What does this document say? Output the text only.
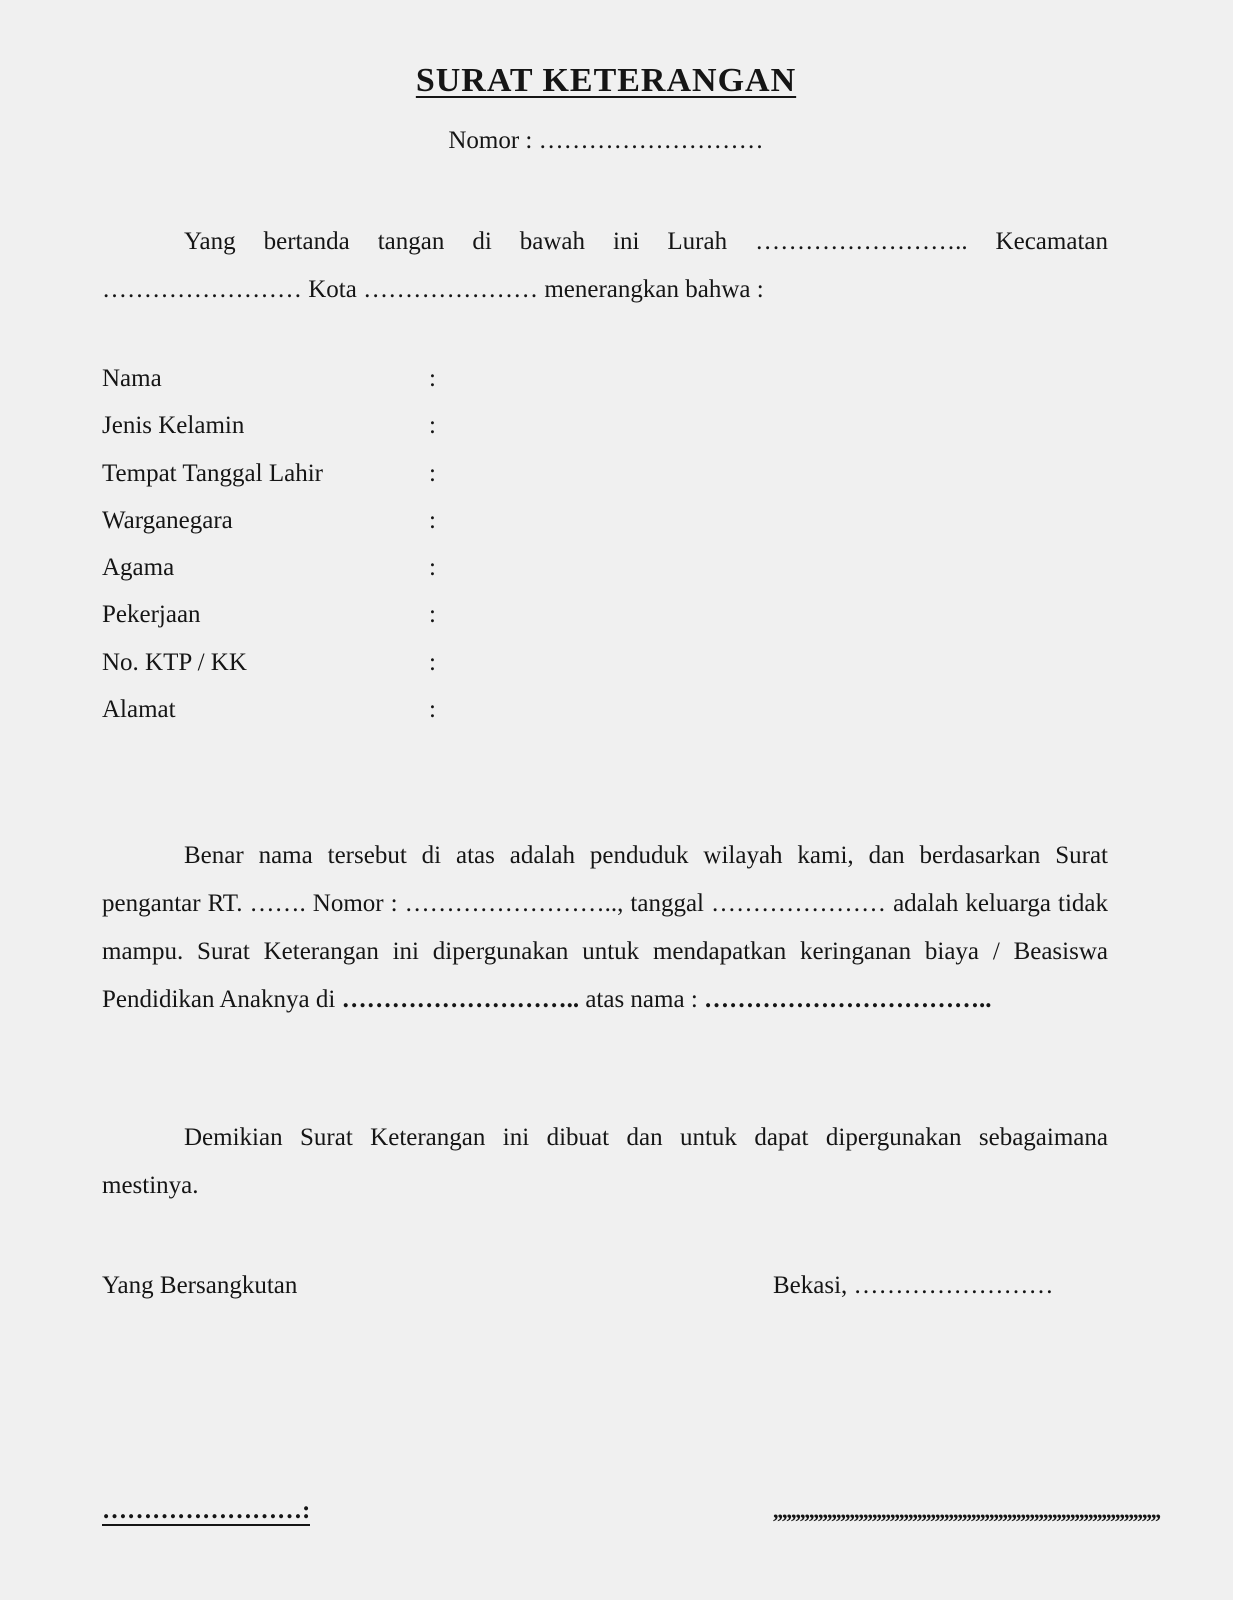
SURAT KETERANGAN
Nomor : ………………………
Yang bertanda tangan di bawah ini Lurah …………………….. Kecamatan …………………… Kota ………………… menerangkan bahwa :
Nama	:
Jenis Kelamin	:
Tempat Tanggal Lahir	:
Warganegara	:
Agama	:
Pekerjaan	:
No. KTP / KK	:
Alamat	:
Benar nama tersebut di atas adalah penduduk wilayah kami, dan berdasarkan Surat pengantar RT. ……. Nomor : …………………….., tanggal ………………… adalah keluarga tidak mampu. Surat Keterangan ini dipergunakan untuk mendapatkan keringanan biaya / Beasiswa Pendidikan Anaknya di ……………………….. atas nama : ……………………………..
Demikian Surat Keterangan ini dibuat dan untuk dapat dipergunakan sebagaimana mestinya.
Yang Bersangkutan	Bekasi, ……………………
……………………:	,,,,,,,,,,,,,,,,,,,,,,,,,,,,,,,,,,,,,,,,,,,,,,,,,,,,,,,,,,,,,,,,,,,,,,,,,,,,,,,,,,,,,,
